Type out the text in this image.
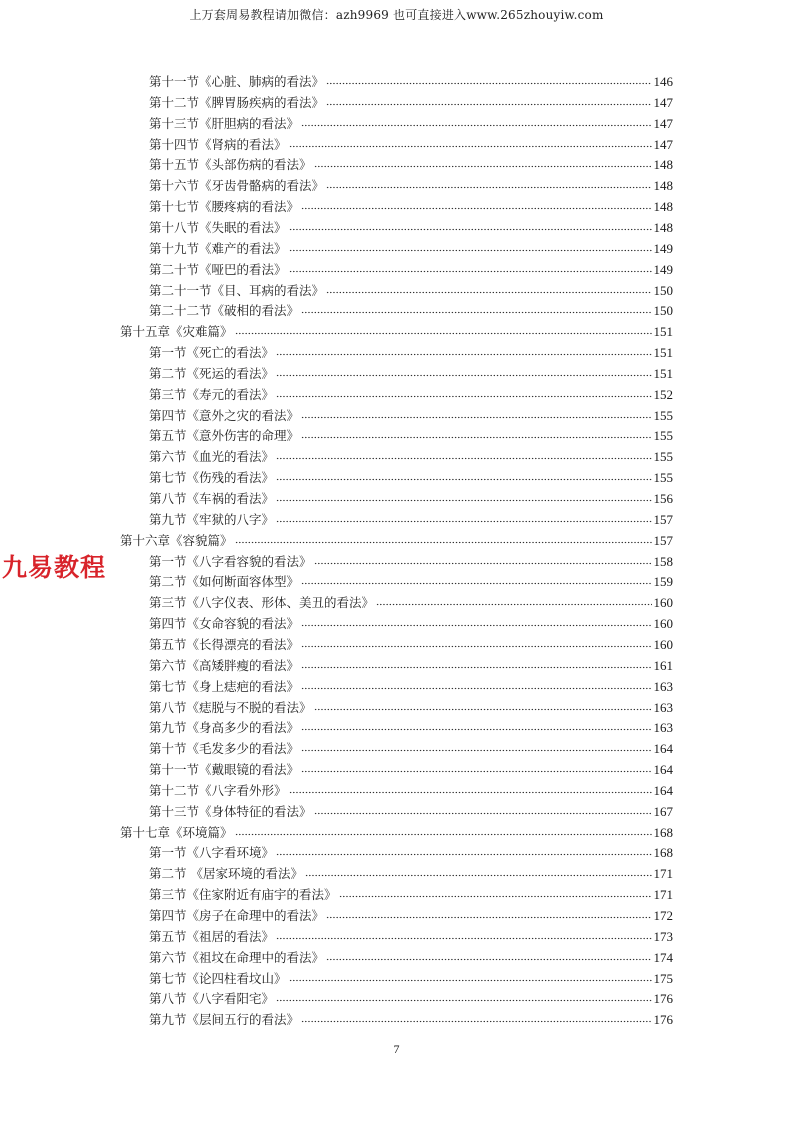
上万套周易教程请加微信：azh9969 也可直接进入www.265zhouyiw.com
九易教程
第十一节《心脏、肺病的看法》	146
第十二节《脾胃肠疾病的看法》	147
第十三节《肝胆病的看法》	147
第十四节《肾病的看法》	147
第十五节《头部伤病的看法》	148
第十六节《牙齿骨骼病的看法》	148
第十七节《腰疼病的看法》	148
第十八节《失眠的看法》	148
第十九节《难产的看法》	149
第二十节《哑巴的看法》	149
第二十一节《目、耳病的看法》	150
第二十二节《破相的看法》	150
第十五章《灾难篇》	151
第一节《死亡的看法》	151
第二节《死运的看法》	151
第三节《寿元的看法》	152
第四节《意外之灾的看法》	155
第五节《意外伤害的命理》	155
第六节《血光的看法》	155
第七节《伤残的看法》	155
第八节《车祸的看法》	156
第九节《牢狱的八字》	157
第十六章《容貌篇》	157
第一节《八字看容貌的看法》	158
第二节《如何断面容体型》	159
第三节《八字仪表、形体、美丑的看法》	160
第四节《女命容貌的看法》	160
第五节《长得漂亮的看法》	160
第六节《高矮胖瘦的看法》	161
第七节《身上痣疤的看法》	163
第八节《痣脱与不脱的看法》	163
第九节《身高多少的看法》	163
第十节《毛发多少的看法》	164
第十一节《戴眼镜的看法》	164
第十二节《八字看外形》	164
第十三节《身体特征的看法》	167
第十七章《环境篇》	168
第一节《八字看环境》	168
第二节 《居家环境的看法》	171
第三节《住家附近有庙宇的看法》	171
第四节《房子在命理中的看法》	172
第五节《祖居的看法》	173
第六节《祖坟在命理中的看法》	174
第七节《论四柱看坟山》	175
第八节《八字看阳宅》	176
第九节《层间五行的看法》	176
7
